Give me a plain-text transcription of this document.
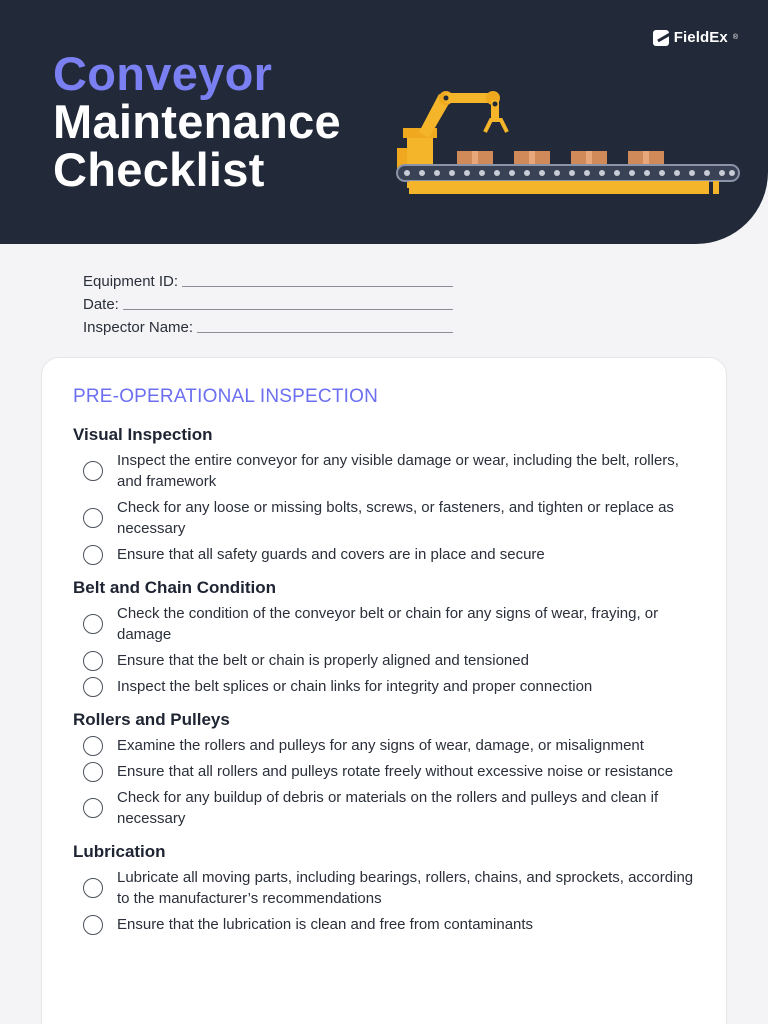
FieldEx ®
Conveyor
Maintenance
Checklist
Equipment ID:
Date:
Inspector Name:
PRE-OPERATIONAL INSPECTION
Visual Inspection
Inspect the entire conveyor for any visible damage or wear, including the belt, rollers, and framework
Check for any loose or missing bolts, screws, or fasteners, and tighten or replace as necessary
Ensure that all safety guards and covers are in place and secure
Belt and Chain Condition
Check the condition of the conveyor belt or chain for any signs of wear, fraying, or damage
Ensure that the belt or chain is properly aligned and tensioned
Inspect the belt splices or chain links for integrity and proper connection
Rollers and Pulleys
Examine the rollers and pulleys for any signs of wear, damage, or misalignment
Ensure that all rollers and pulleys rotate freely without excessive noise or resistance
Check for any buildup of debris or materials on the rollers and pulleys and clean if necessary
Lubrication
Lubricate all moving parts, including bearings, rollers, chains, and sprockets, according to the manufacturer’s recommendations
Ensure that the lubrication is clean and free from contaminants
